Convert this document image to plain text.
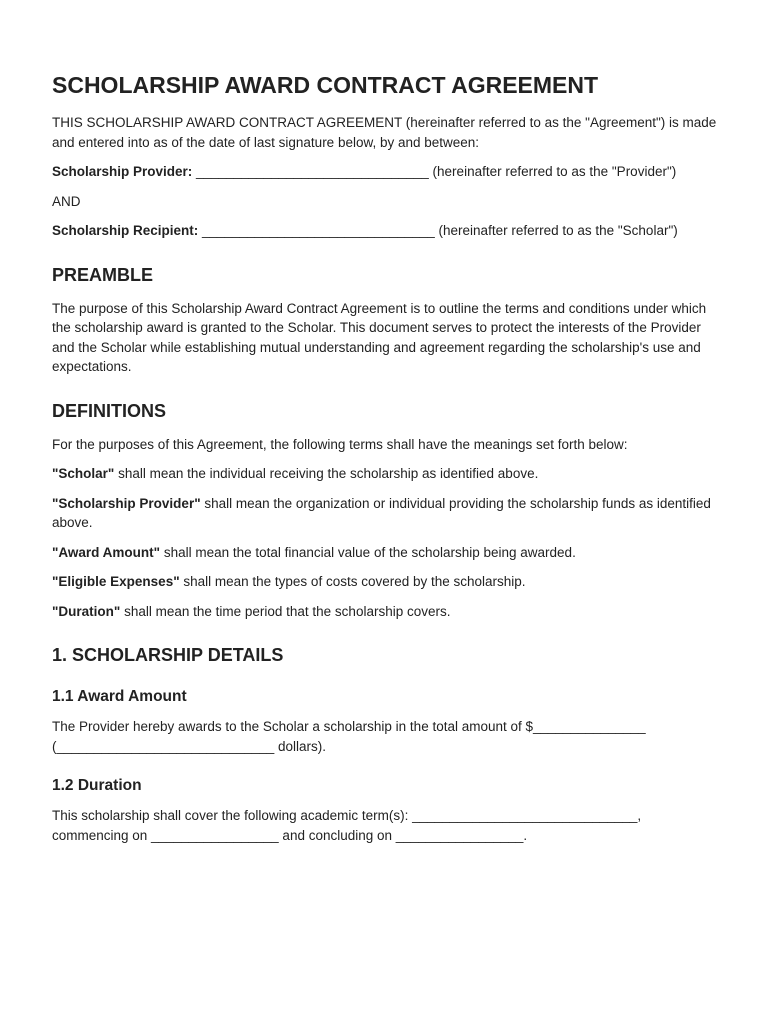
SCHOLARSHIP AWARD CONTRACT AGREEMENT

THIS SCHOLARSHIP AWARD CONTRACT AGREEMENT (hereinafter referred to as the "Agreement") is made and entered into as of the date of last signature below, by and between:

Scholarship Provider: _______________________________ (hereinafter referred to as the "Provider")

AND

Scholarship Recipient: _______________________________ (hereinafter referred to as the "Scholar")

PREAMBLE

The purpose of this Scholarship Award Contract Agreement is to outline the terms and conditions under which the scholarship award is granted to the Scholar. This document serves to protect the interests of the Provider and the Scholar while establishing mutual understanding and agreement regarding the scholarship's use and expectations.

DEFINITIONS

For the purposes of this Agreement, the following terms shall have the meanings set forth below:

"Scholar" shall mean the individual receiving the scholarship as identified above.

"Scholarship Provider" shall mean the organization or individual providing the scholarship funds as identified above.

"Award Amount" shall mean the total financial value of the scholarship being awarded.

"Eligible Expenses" shall mean the types of costs covered by the scholarship.

"Duration" shall mean the time period that the scholarship covers.

1. SCHOLARSHIP DETAILS
1.1 Award Amount

The Provider hereby awards to the Scholar a scholarship in the total amount of $_______________ (_____________________________ dollars).

1.2 Duration

This scholarship shall cover the following academic term(s): ______________________________, commencing on _________________ and concluding on _________________.
